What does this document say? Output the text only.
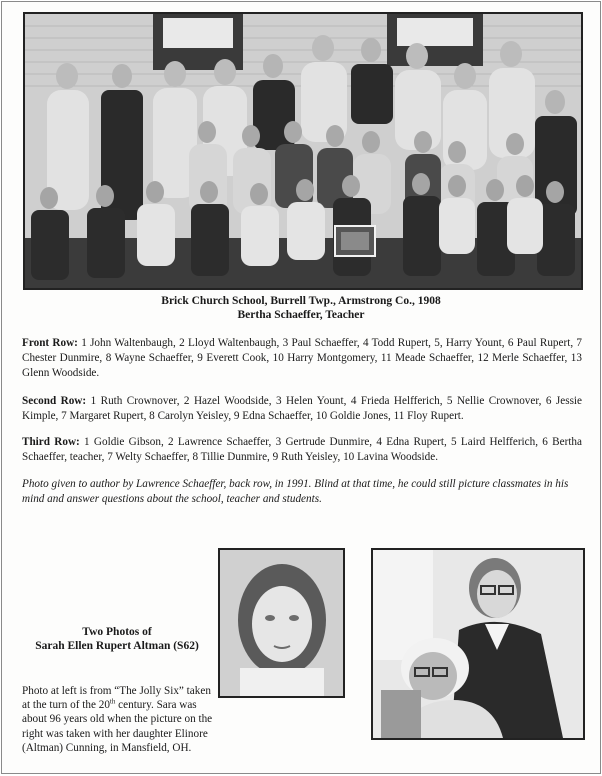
Brick Church School, Burrell Twp., Armstrong Co., 1908
Bertha Schaeffer, Teacher
Front Row: 1 John Waltenbaugh, 2 Lloyd Waltenbaugh, 3 Paul Schaeffer, 4 Todd Rupert, 5, Harry Yount, 6 Paul Rupert, 7 Chester Dunmire, 8 Wayne Schaeffer, 9 Everett Cook, 10 Harry Montgomery, 11 Meade Schaeffer, 12 Merle Schaeffer, 13 Glenn Woodside.
Second Row: 1 Ruth Crownover, 2 Hazel Woodside, 3 Helen Yount, 4 Frieda Helfferich, 5 Nellie Crownover, 6 Jessie Kimple, 7 Margaret Rupert, 8 Carolyn Yeisley, 9 Edna Schaeffer, 10 Goldie Jones, 11 Floy Rupert.
Third Row: 1 Goldie Gibson, 2 Lawrence Schaeffer, 3 Gertrude Dunmire, 4 Edna Rupert, 5 Laird Helfferich, 6 Bertha Schaeffer, teacher, 7 Welty Schaeffer, 8 Tillie Dunmire, 9 Ruth Yeisley, 10 Lavina Woodside.
Photo given to author by Lawrence Schaeffer, back row, in 1991. Blind at that time, he could still picture classmates in his mind and answer questions about the school, teacher and students.
Two Photos of
Sarah Ellen Rupert Altman (S62)
Photo at left is from “The Jolly Six” taken at the turn of the 20th century. Sara was about 96 years old when the picture on the right was taken with her daughter Elinore (Altman) Cunning, in Mansfield, OH.
